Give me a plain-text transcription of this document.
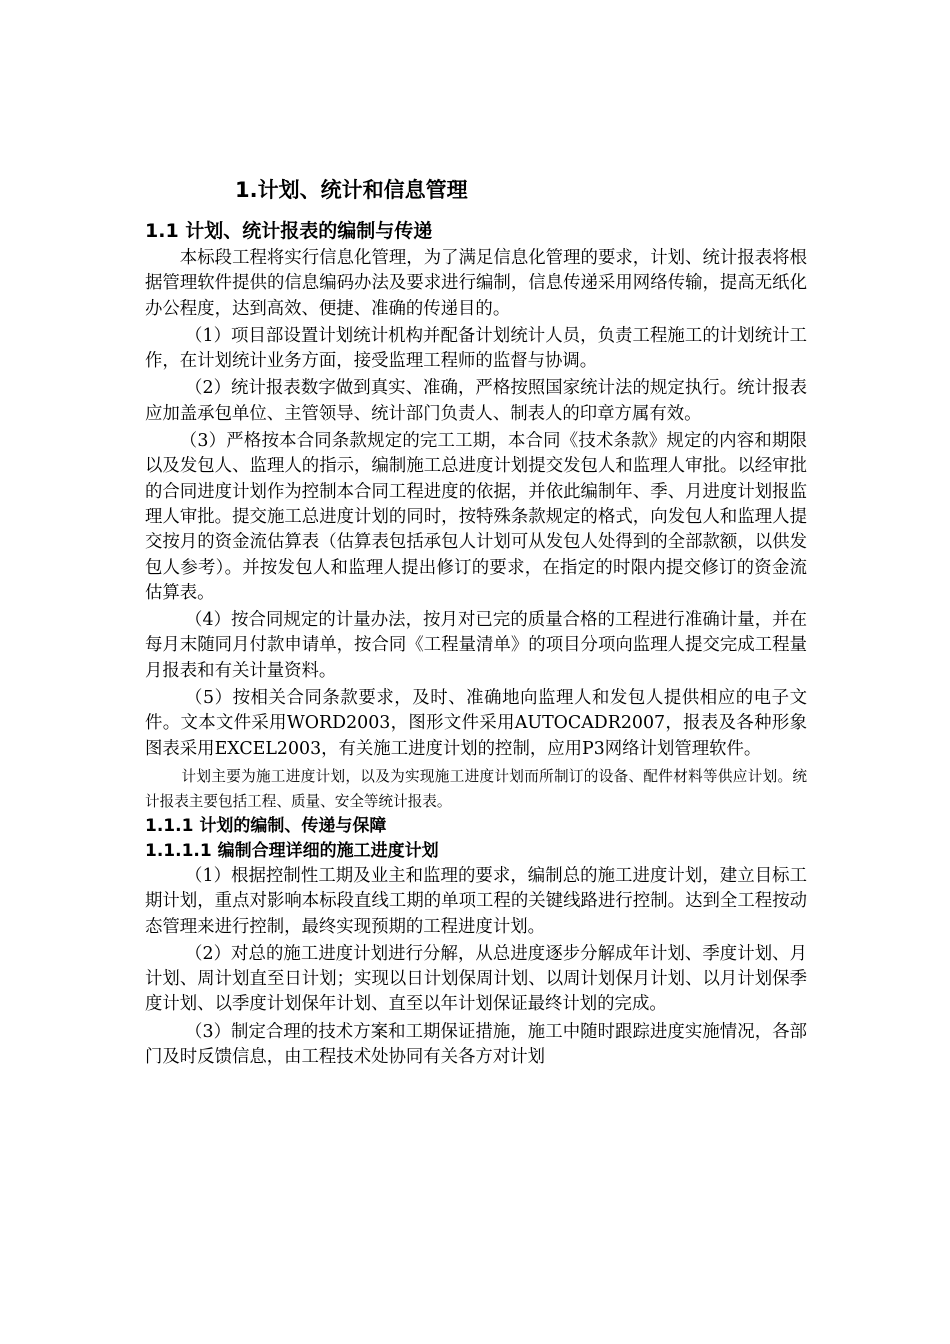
1.计划、统计和信息管理
1.1 计划、统计报表的编制与传递

本标段工程将实行信息化管理，为了满足信息化管理的要求，计划、统计报表将根据管理软件提供的信息编码办法及要求进行编制，信息传递采用网络传输，提高无纸化办公程度，达到高效、便捷、准确的传递目的。

（1）项目部设置计划统计机构并配备计划统计人员，负责工程施工的计划统计工作，在计划统计业务方面，接受监理工程师的监督与协调。

（2）统计报表数字做到真实、准确，严格按照国家统计法的规定执行。统计报表应加盖承包单位、主管领导、统计部门负责人、制表人的印章方属有效。

（3）严格按本合同条款规定的完工工期，本合同《技术条款》规定的内容和期限以及发包人、监理人的指示，编制施工总进度计划提交发包人和监理人审批。以经审批的合同进度计划作为控制本合同工程进度的依据，并依此编制年、季、月进度计划报监理人审批。提交施工总进度计划的同时，按特殊条款规定的格式，向发包人和监理人提交按月的资金流估算表（估算表包括承包人计划可从发包人处得到的全部款额，以供发包人参考）。并按发包人和监理人提出修订的要求，在指定的时限内提交修订的资金流估算表。

（4）按合同规定的计量办法，按月对已完的质量合格的工程进行准确计量，并在每月末随同月付款申请单，按合同《工程量清单》的项目分项向监理人提交完成工程量月报表和有关计量资料。

（5）按相关合同条款要求，及时、准确地向监理人和发包人提供相应的电子文件。文本文件采用WORD2003，图形文件采用AUTOCADR2007，报表及各种形象图表采用EXCEL2003，有关施工进度计划的控制，应用P3网络计划管理软件。

计划主要为施工进度计划，以及为实现施工进度计划而所制订的设备、配件材料等供应计划。统计报表主要包括工程、质量、安全等统计报表。

1.1.1 计划的编制、传递与保障
1.1.1.1 编制合理详细的施工进度计划

（1）根据控制性工期及业主和监理的要求，编制总的施工进度计划，建立目标工期计划，重点对影响本标段直线工期的单项工程的关键线路进行控制。达到全工程按动态管理来进行控制，最终实现预期的工程进度计划。

（2）对总的施工进度计划进行分解，从总进度逐步分解成年计划、季度计划、月计划、周计划直至日计划；实现以日计划保周计划、以周计划保月计划、以月计划保季度计划、以季度计划保年计划、直至以年计划保证最终计划的完成。

（3）制定合理的技术方案和工期保证措施，施工中随时跟踪进度实施情况，各部门及时反馈信息，由工程技术处协同有关各方对计划
